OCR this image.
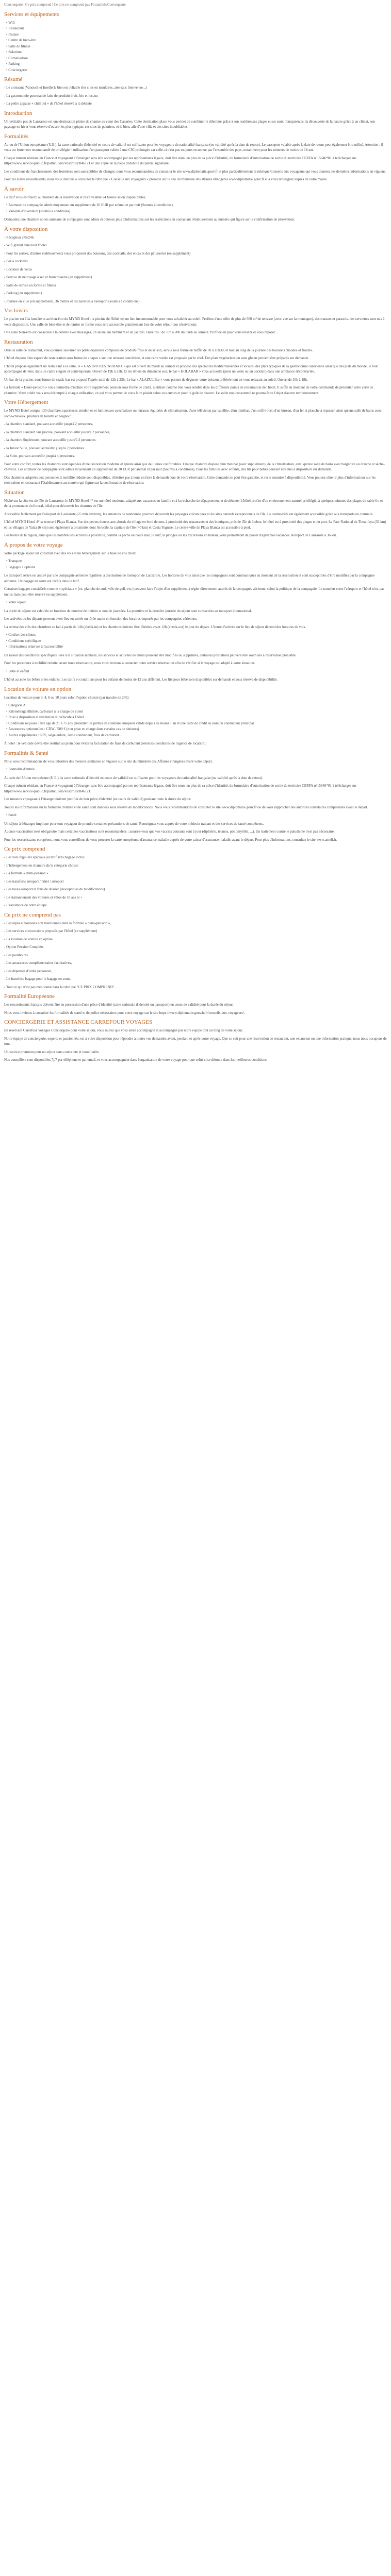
Conciergerie | Ce prix comprend | Ce prix ne comprend pas Formalités/Convergente
Services et équipements
• Wifi
• Restaurant
• Piscine
• Centre de bien-être
• Salle de fitness
• Solarium
• Climatisation
• Parking
• Conciergerie
Résumé

- Le croissant (Vanouch et Insellerie bien est reliable (les sites en insulaires, ateneauc bienvenue...)

- La gastronomie gourmande faite de produits frais, bio et locaux

- La petite appaise « chill out » de l'hôtel réservé à la détente.

Introduction

Un véritable pas de Lanzarote est une destination pleine de charme au cœur des Canaries. Cette destination place vous permet de combiner le dilemme grâce à son nombreuses plages et ses eaux transparentes, la découverte de la nature grâce à un climat, son paysage en hiver vous réserve d'ouvrir les plus typique, ses sites de palmiers, et le bien, aile d'une villa et des sites inoubliables.

Formalités

Au vu de l'Union européenne (U.E.), la carte nationale d'identité en cours de validité est suffisante pour les voyageurs de nationalité française (ou validité après la date de retour). Le passeport valable après la date de retour peut également être utilisé. Attention : il vous est fortement recommandé de privilégier l'utilisation d'un passeport valide à une CNI prolongée car celle-ci n'est pas toujours reconnue par l'ensemble des pays, notamment pour les mineurs de moins de 18 ans.

Chaque mineur résidant en France et voyageant à l'étranger sans être accompagné par ses représentants légaux, doit être muni en plus de sa pièce d'identité, du formulaire d'autorisation de sortie du territoire CERFA n°15646*01 à télécharger sur https://www.service-public.fr/particuliers/vosdroits/R46121 et une copie de la pièce d'identité du parent signataire.

Les conditions de franchissement des frontières sont susceptibles de changer, nous vous recommandons de consulter le site www.diplomatie.gouv.fr et plus particulièrement la rubrique Conseils aux voyageurs qui vous donnera les dernières informations en vigueur.

Pour les autres ressortissants, nous vous invitons à consulter le rubrique « Conseils aux voyageurs » présente sur le site du ministère des affaires étrangères www.diplomatie.gouv.fr et à vous renseigner auprès de votre mairie.

À savoir

Le tarif vous est fourni au moment de la réservation et reste valable 24 heures selon disponibilités.

• Animaux de compagnie admis moyennant un supplément de 20 EUR par animal et par nuit (Soumis à conditions).
• Variante d'inventaire (soumis à conditions).

Demandez une chambre où les animaux de compagnie sont admis et obtenez plus d'informations sur les restrictions en contactant l'établissement au numéro qui figure sur la confirmation de réservation.

À votre disposition

- Réception 24h/24h

- Wifi gratuit dans tout l'hôtel

- Pour les sorties, d'autres établissements vous proposent des boissons, des cocktails, des encas et des pâtisseries (en supplément)

- Bar à cocktails

- Location de vélos

- Service de nettoyage à sec et blanchisserie (en supplément)

- Salle de remise en forme et fitness

- Parking (en supplément)

- Journée en ville (en supplément), 36 mètres et les navettes à l'aéroport (soumis à conditions).

Vos loisirs

Le piscine est à la lumière et au bien-être du MYND Hotel : la piscine de l'hôtel est un lieu incontournable pour vous rafraîchir au soleil. Profitez d'une offre de plus de 500 m² de terrasse (avec vue sur la montagne), des transats et parasols, des serviettes sont mis à votre disposition. Une salle de bien-être et de remise en forme vous sera accessible gratuitement lors de votre séjour (sur réservation).

Une zone bien-être est consacrée à la détente avec massages, un sauna, un hammam et un jacuzzi. Horaires : de 10h à 20h du lundi au samedi. Profitez-en pour vous relaxer et vous reposer...

Restauration

Dans la salle de restaurant, vous pourrez savourer les petits déjeuners composés de produits frais et de saison, servis sous forme de buffet de 7h à 10h30, et tout au long de la journée des boissons chaudes et froides.

L'hôtel dispose d'un espace de restauration sous forme de « tapas » sur une terrasse conviviale, et une carte variée est proposée par le chef. Des plats végétariens ou sans gluten peuvent être préparés sur demande.

L'hôtel propose également un restaurant à la carte, le « GASTRO RESTAURANT » qui est ouvert du mardi au samedi et propose des spécialités méditerranéennes et locales, des plats typiques de la gastronomie canarienne ainsi que des plats du monde, le tout accompagné de vins, dans un cadre élégant et contemporain. Ouvert de 19h à 23h. Et les dîners du dimanche soir, le bar « HOLABAR » vous accueille (pour un verre ou un cocktail) dans une ambiance décontractée.

Un bar de la piscine, sous forme de snack-bar est proposé l'après-midi de 12h à 23h. Le bar « ALAZUL Bar » vous permet de déguster votre boisson préférée tout en vous relaxant au soleil. Ouvert de 10h à 18h.

La formule « Demi-pension » vous permettra d'inclure votre supplément pension sous forme de crédit, à utiliser comme bon vous semble dans les différents points de restauration de l'hôtel. Il suffit au moment de votre commande de présenter votre carte de chambre. Votre crédit vous sera décompté à chaque utilisation, ce qui vous permet de vous faire plaisir selon vos envies et pour le goût de chacun. Le solde non consommé ne pourra faire l'objet d'aucun remboursement.

Votre Hébergement

Le MYND Hotel compte 130 chambres spacieuses, modernes et lumineuses avec balcon ou terrasse, équipées de climatisation, d'une télévision par satellite, d'un minibar, d'un coffre-fort, d'un bureau, d'un fer et planche à repasser, ainsi qu'une salle de bains avec sèche-cheveux, produits de toilette et peignoir.

- la chambre standard, pouvant accueillir jusqu'à 2 personnes,

- la chambre standard vue piscine, pouvant accueillir jusqu'à 2 personnes,

- la chambre Supérieure, pouvant accueillir jusqu'à 3 personnes.

- la Junior Suite, pouvant accueillir jusqu'à 2 personnes

- la Suite, pouvant accueillir jusqu'à 4 personnes.

Pour votre confort, toutes les chambres sont équipées d'une décoration moderne et épurée ainsi que de literies confortables. Chaque chambre dispose d'un minibar (avec supplément), de la climatisation, ainsi qu'une salle de bains avec baignoire ou douche et sèche-cheveux. Les animaux de compagnie sont admis moyennant un supplément de 20 EUR par animal et par nuit (Soumis à conditions). Pour les familles avec enfants, des lits pour bébés peuvent être mis à disposition sur demande.

Des chambres adaptées aux personnes à mobilité réduite sont disponibles, n'hésitez pas à nous en faire la demande lors de votre réservation. Cette demande ne peut être garantie, et reste soumise à disponibilité. Vous pouvez obtenir plus d'informations sur les restrictions en contactant l'établissement au numéro qui figure sur la confirmation de réservation.

Situation

Niché sur la côte est de l'île de Lanzarote, le MYND Hotel 4* est un hôtel moderne, adapté aux vacances en famille et à la recherche de dépaysement et de détente. L'hôtel profite d'un environnement naturel privilégié, à quelques minutes des plages de sable fin et de la promenade du littoral, idéal pour découvrir les charmes de l'île.

Accessible facilement par l'aéroport de Lanzarote (25 min environ), les amateurs de randonnée pourront découvrir les paysages volcaniques et les sites naturels exceptionnels de l'île. Le centre-ville est également accessible grâce aux transports en commun.

L'hôtel MYND Hotel 4* se trouve à Playa Blanca. Sur des pentes douces aux abords du village en bord de mer, à proximité des restaurants et des boutiques, près de l'île de Lobos, le hôtel est à proximité des plages et du port. Le Parc National de Timanfaya (33 km) et les villages de Yaiza (6 km) sont également à proximité, dont Arrecife, la capitale de l'île (40 km) et Costa Teguise. Le centre-ville de Playa Blanca est accessible à pied.

Les hôtels de la région, ainsi que les nombreuses activités à proximité, comme la pêche en haute mer, le surf, la plongée ou les excursions en bateau, vous permettront de passer d'agréables vacances. Aéroport de Lanzarote à 36 km.

À propos de votre voyage

Votre package séjour est construit avec des vols et un hébergement sur la base de vos choix.

• Transport
• Bagages + options

Le transport aérien est assuré par une compagnie aérienne régulière, à destination de l'aéroport de Lanzarote. Les horaires de vols ainsi que les compagnies sont communiqués au moment de la réservation et sont susceptibles d'être modifiés par la compagnie aérienne. Un bagage en soute est inclus dans le tarif.

Certaines bagages considérés comme « spéciaux » (ex. planche de surf, vélo de golf, etc.) peuvent faire l'objet d'un supplément à régler directement auprès de la compagnie aérienne, selon la politique de la compagnie. Le transfert entre l'aéroport et l'hôtel n'est pas inclus mais peut être réservé en supplément.

• Votre séjour

La durée du séjour est calculée en fonction du nombre de nuitées et non de journées. La première et la dernière journée du séjour sont consacrées au transport international.

Les arrivées ou les départs peuvent avoir lieu en soirée ou tôt le matin en fonction des horaires imposés par les compagnies aériennes.

La remise des clés des chambres se fait à partir de 14h (check-in) et les chambres doivent être libérées avant 12h (check-out) le jour du départ. L'heure d'arrivée sur le lieu de séjour dépend des horaires de vols.

• Confort des clients
• Conditions spécifiques
• Informations relatives à l'accessibilité

En raison des conditions spécifiques liées à la situation sanitaire, les services et activités de l'hôtel peuvent être modifiés ou supprimés, certaines prestations peuvent être soumises à réservation préalable.

Pour les personnes à mobilité réduite, avant toute réservation, nous vous invitons à contacter notre service réservation afin de vérifier si le voyage est adapté à votre situation.

• Bébé et enfant

L'hôtel accepte les bébés et les enfants. Les tarifs et conditions pour les enfants de moins de 12 ans diffèrent. Les lits pour bébé sont disponibles sur demande et sous réserve de disponibilité.

Location de voiture en option

Location de voiture pour 3, 4, 6 ou 10 jours selon l'option choisie (par tranche de 24h)

• Catégorie A
• Kilométrage illimité, carburant à la charge du client
• Prise à disposition et restitution du véhicule à l'hôtel
• Conditions requises : être âgé de 21 à 75 ans, présenter un permis de conduire européen valide depuis au moins 1 an et une carte de crédit au nom du conducteur principal.
• Assurances optionnelles : CDW / 500 € (non prise en charge dans certains cas de sinistres)
• Autres suppléments : GPS, siège enfant, 2ème conducteur, frais de carburant...

À noter : le véhicule devra être restitué au plein pour éviter la facturation de frais de carburant (selon les conditions de l'agence de location).

Formalités & Santé

Nous vous recommandons de vous informer des mesures sanitaires en vigueur sur le site du ministère des Affaires étrangères avant votre départ.

• Formalité d'entrée

Au sein de l'Union européenne (U.E.), la carte nationale d'identité en cours de validité est suffisante pour les voyageurs de nationalité française (ou validité après la date de retour).

Chaque mineur résidant en France et voyageant à l'étranger sans être accompagné par ses représentants légaux, doit être muni en plus de sa pièce d'identité, du formulaire d'autorisation de sortie du territoire CERFA n°15646*01 à télécharger sur https://www.service-public.fr/particuliers/vosdroits/R46121.

Les mineurs voyageant à l'étranger doivent justifier de leur pièce d'identité (en cours de validité) pendant toute la durée du séjour.

Toutes les informations sur la formalité d'entrée et de santé sont données sous réserve de modifications. Nous vous recommandons de consulter le site www.diplomatie.gouv.fr ou de vous rapprocher des autorités consulaires compétentes avant le départ.

• Santé

Un séjour à l'étranger implique pour tout voyageur de prendre certaines précautions de santé. Renseignez-vous auprès de votre médecin traitant et des services de santé compétents.

Aucune vaccination n'est obligatoire mais certaines vaccinations sont recommandées : assurez-vous que vos vaccins courants sont à jour (diphtérie, tétanos, poliomyélite, ...). Un traitement contre le paludisme n'est pas nécessaire.

Pour les ressortissants européens, nous vous conseillons de vous procurer la carte européenne d'assurance maladie auprès de votre caisse d'assurance maladie avant le départ. Pour plus d'informations, consultez le site www.ameli.fr.

Ce prix comprend

- Les vols réguliers spéciaux au tarif sans bagage inclus

- L'hébergement en chambre de la catégorie choisie

- La formule « demi-pension »

- Les transferts aéroport / hôtel / aéroport

- Les taxes aéroport et frais de dossier (susceptibles de modifications)

- Le stationnement des voitures et vélos de 18 ans et +

- L'assistance de notre équipe.

Ce prix ne comprend pas

- Les repas et boissons non mentionnés dans la formule « demi-pension »,

- Les services et excursions proposés par l'hôtel (en supplément)

- La location de voiture en option,

- Option Pension Complète

- Les pourboires

- Les assurances complémentaires facultatives,

- Les dépenses d'ordre personnel,

- Le franchise bagage pour le bagage en soute,

- Tout ce qui n'est pas mentionné dans la rubrique "CE PRIX COMPREND".

Formalité Européenne

Les ressortissants français doivent être en possession d'une pièce d'identité (carte nationale d'identité ou passeport) en cours de validité pour la durée du séjour.

Nous vous invitons à consulter les formalités de santé et de police nécessaires pour votre voyage sur le site https://www.diplomatie.gouv.fr/fr/conseils-aux-voyageurs/.

CONCIERGERIE ET ASSISTANCE CARREFOUR VOYAGES

En réservant Carrefour Voyages Conciergerie pour votre séjour, vous saurez que vous serez accompagné et accompagné par notre équipe tout au long de votre séjour.

Notre équipe de conciergerie, experte et passionnée, est à votre disposition pour répondre à toutes vos demandes avant, pendant et après votre voyage. Que ce soit pour une réservation de restaurant, une excursion ou une information pratique, nous nous occupons de tout.

Un service premium pour un séjour sans contrainte et inoubliable.

Nos conseillers sont disponibles 7j/7 par téléphone et par email, et vous accompagnent dans l'organisation de votre voyage pour que celui-ci se déroule dans les meilleures conditions.
